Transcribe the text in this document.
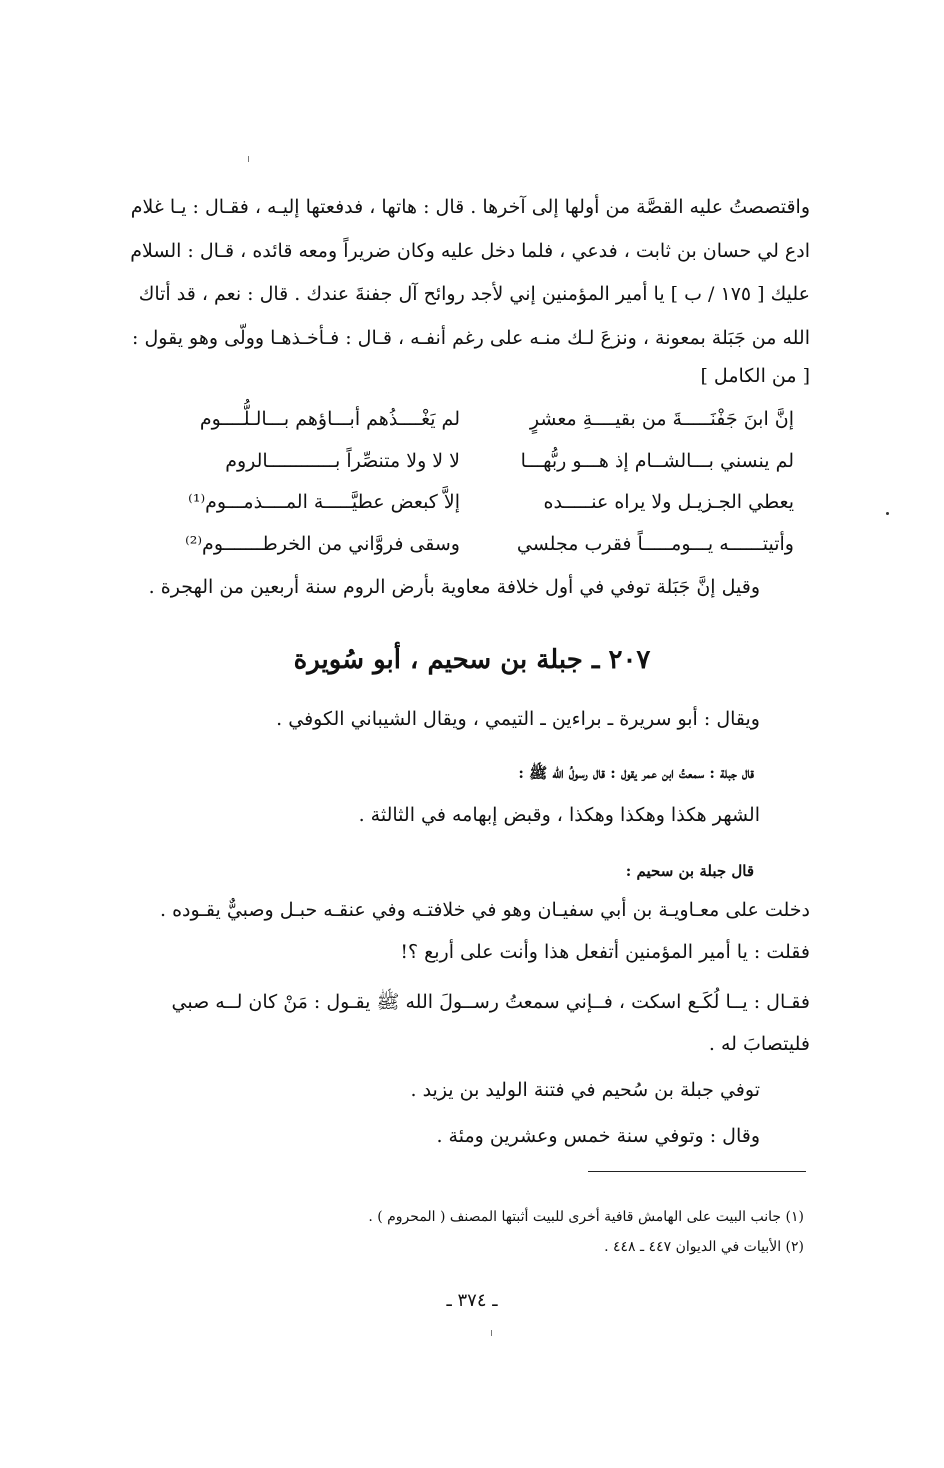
واقتصصتُ عليه القصَّة من أولها إلى آخرها . قال : هاتها ، فدفعتها إليـه ، فقـال : يـا غلام
ادع لي حسان بن ثابت ، فدعي ، فلما دخل عليه وكان ضريراً ومعه قائده ، قـال : السلام
عليك [ ١٧٥ / ب ] يا أمير المؤمنين إني لأجد روائح آل جفنةَ عندك . قال : نعم ، قد أتاك
الله من جَبَلة بمعونة ، ونزعَ لـك منـه على رغم أنفـه ، قـال : فـأخـذهـا وولّى وهو يقول :
[ من الكامل ]
إنَّ ابنَ جَفْنَـــــةَ من بقيــــةِ معشرٍ
لم يَغْــــذُهم أبـــاؤهم بـــالـلُّــــوم
لم ينسني بـــالشــام إذ هـــو ربُّهـــا
لا لا ولا متنصِّراً بــــــــــــالروم
يعطي الجـزيـل ولا يراه عنـــــده
إلاَّ كبعض عطيَّـــــة المــــذمـــوم⁽¹⁾
وأتيتــــــه يـــومـــــاً فقرب مجلسي
وسقى فروَّاني من الخرطـــــــوم⁽²⁾
وقيل إنَّ جَبَلة توفي في أول خلافة معاوية بأرض الروم سنة أربعين من الهجرة .
٢٠٧ ـ جبلة بن سحيم ، أبو سُويرة
ويقال : أبو سريرة ـ براءين ـ التيمي ، ويقال الشيباني الكوفي .
قال جبلة : سمعتُ ابن عمر يقول : قال رسولُ الله ﷺ :
الشهر هكذا وهكذا وهكذا ، وقبض إبهامه في الثالثة .
قال جبلة بن سحيم :
دخلت على معـاويـة بن أبي سفيـان وهو في خلافتـه وفي عنقـه حبـل وصبيٌّ يقـوده .
فقلت : يا أمير المؤمنين أتفعل هذا وأنت على أربع ؟!
فقـال : يــا لُكَـع اسكت ، فــإني سمعتُ رســولَ الله ﷺ يقـول : مَنْ كان لــه صبي
فليتصابَ له .
توفي جبلة بن سُحيم في فتنة الوليد بن يزيد .
وقال : وتوفي سنة خمس وعشرين ومئة .
(١) جانب البيت على الهامش قافية أخرى للبيت أثبتها المصنف ( المحروم ) .
(٢) الأبيات في الديوان ٤٤٧ ـ ٤٤٨ .
ـ ٣٧٤ ـ
